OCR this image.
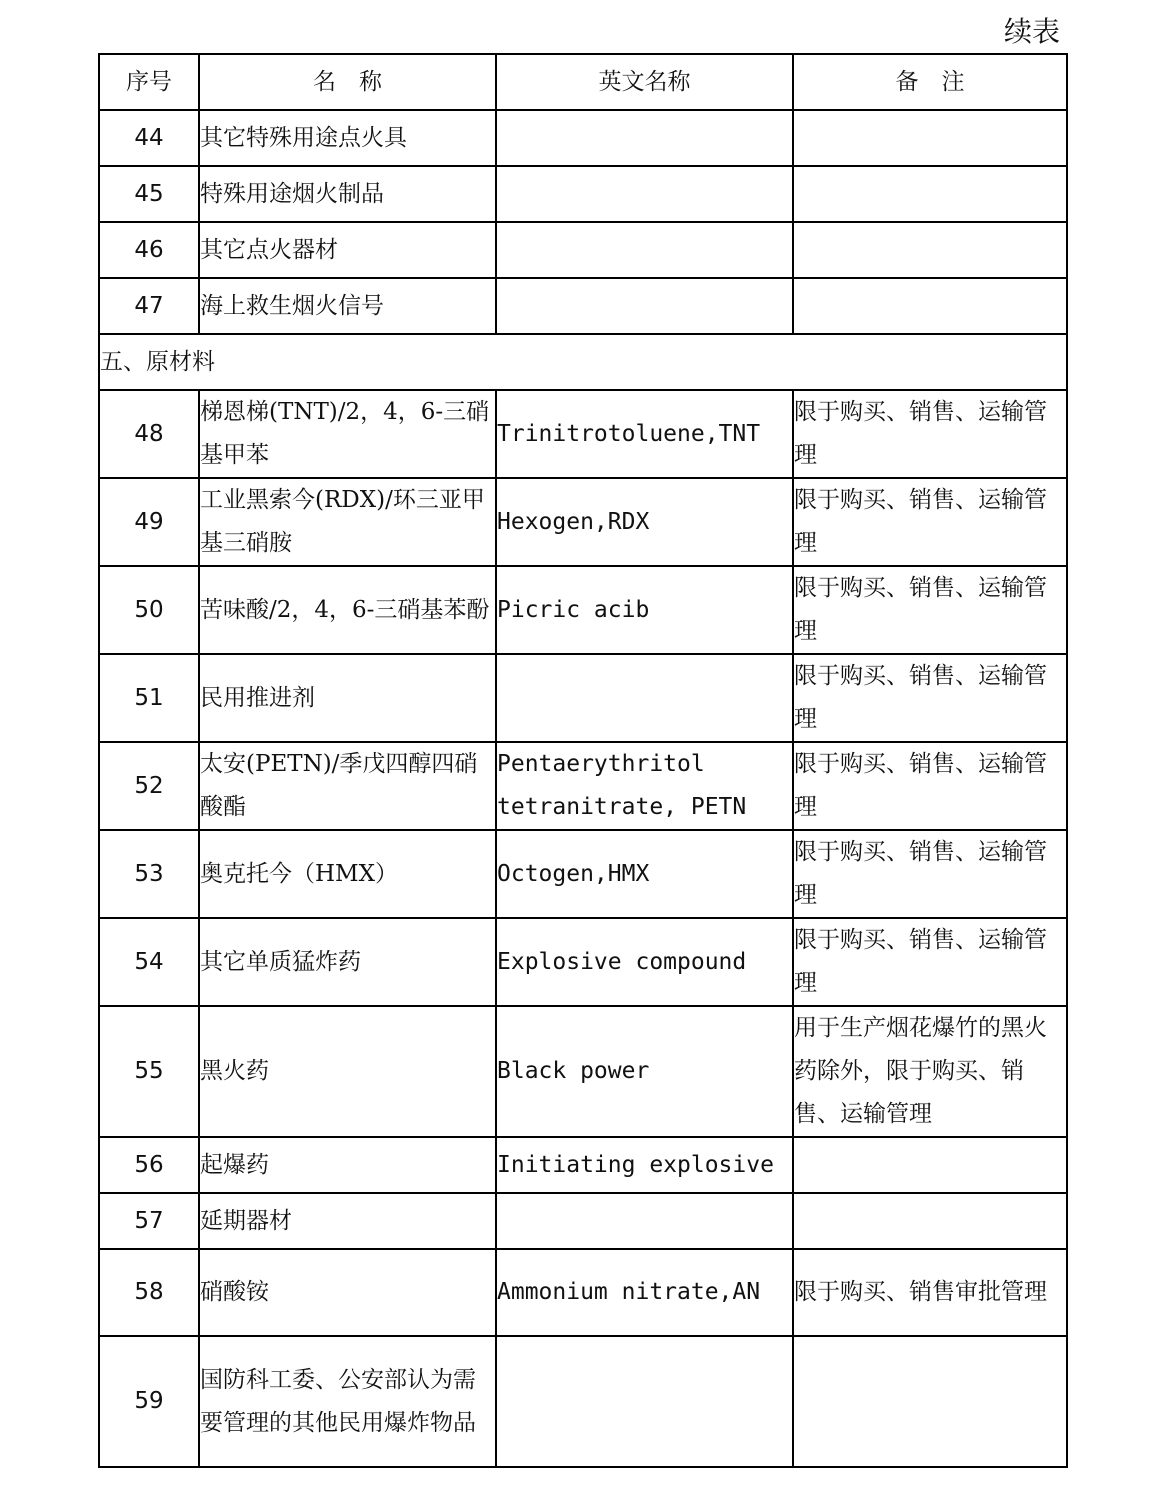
续表
序号	名　称	英文名称	备　注
44	其它特殊用途点火具		
45	特殊用途烟火制品		
46	其它点火器材		
47	海上救生烟火信号		
五、原材料			
48	梯恩梯(TNT)/2，4，6-三硝基甲苯	Trinitrotoluene,TNT	限于购买、销售、运输管理
49	工业黑索今(RDX)/环三亚甲基三硝胺	Hexogen,RDX	限于购买、销售、运输管理
50	苦味酸/2，4，6-三硝基苯酚	Picric acib	限于购买、销售、运输管理
51	民用推进剂		限于购买、销售、运输管理
52	太安(PETN)/季戊四醇四硝酸酯	Pentaerythritol tetranitrate, PETN	限于购买、销售、运输管理
53	奥克托今（HMX）	Octogen,HMX	限于购买、销售、运输管理
54	其它单质猛炸药	Explosive compound	限于购买、销售、运输管理
55	黑火药	Black power	用于生产烟花爆竹的黑火药除外，限于购买、销售、运输管理
56	起爆药	Initiating explosive	
57	延期器材		
58	硝酸铵	Ammonium nitrate,AN	限于购买、销售审批管理
59	国防科工委、公安部认为需要管理的其他民用爆炸物品		
